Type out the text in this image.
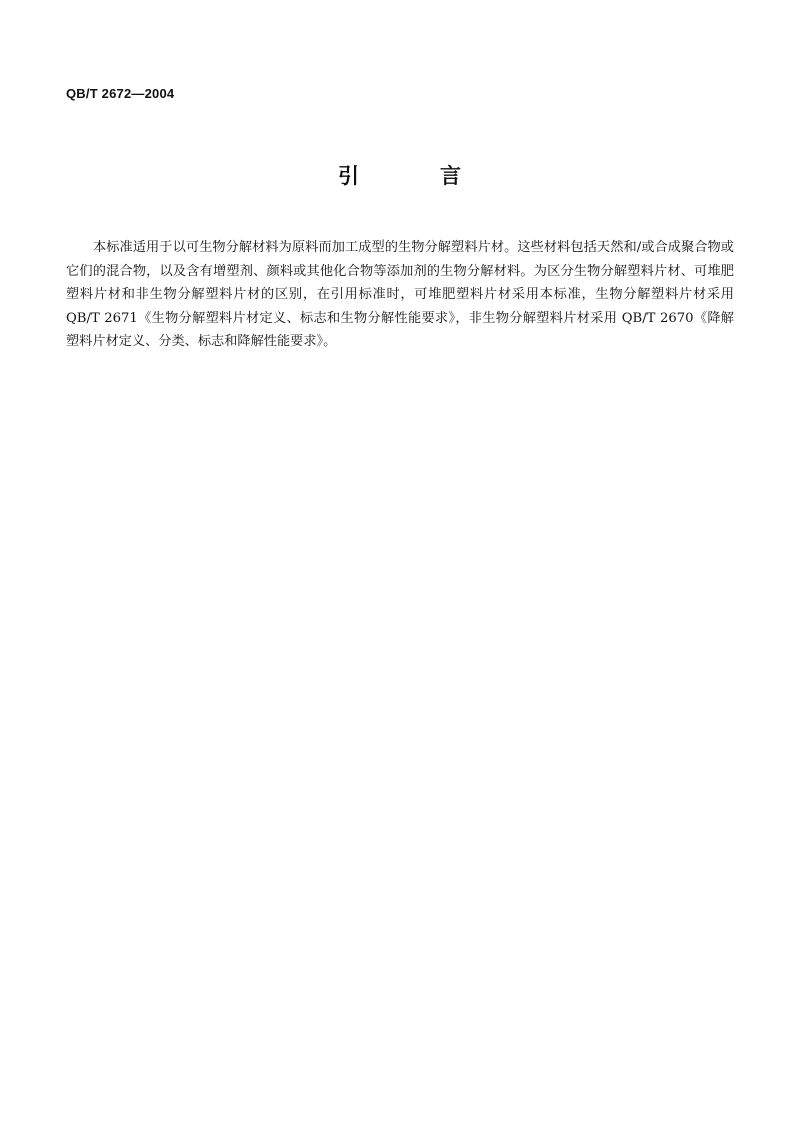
QB/T 2672—2004
引　言

本标准适用于以可生物分解材料为原料而加工成型的生物分解塑料片材。这些材料包括天然和/或合成聚合物或它们的混合物，以及含有增塑剂、颜料或其他化合物等添加剂的生物分解材料。为区分生物分解塑料片材、可堆肥塑料片材和非生物分解塑料片材的区别，在引用标准时，可堆肥塑料片材采用本标准，生物分解塑料片材采用 QB/T 2671《生物分解塑料片材定义、标志和生物分解性能要求》，非生物分解塑料片材采用 QB/T 2670《降解塑料片材定义、分类、标志和降解性能要求》。
